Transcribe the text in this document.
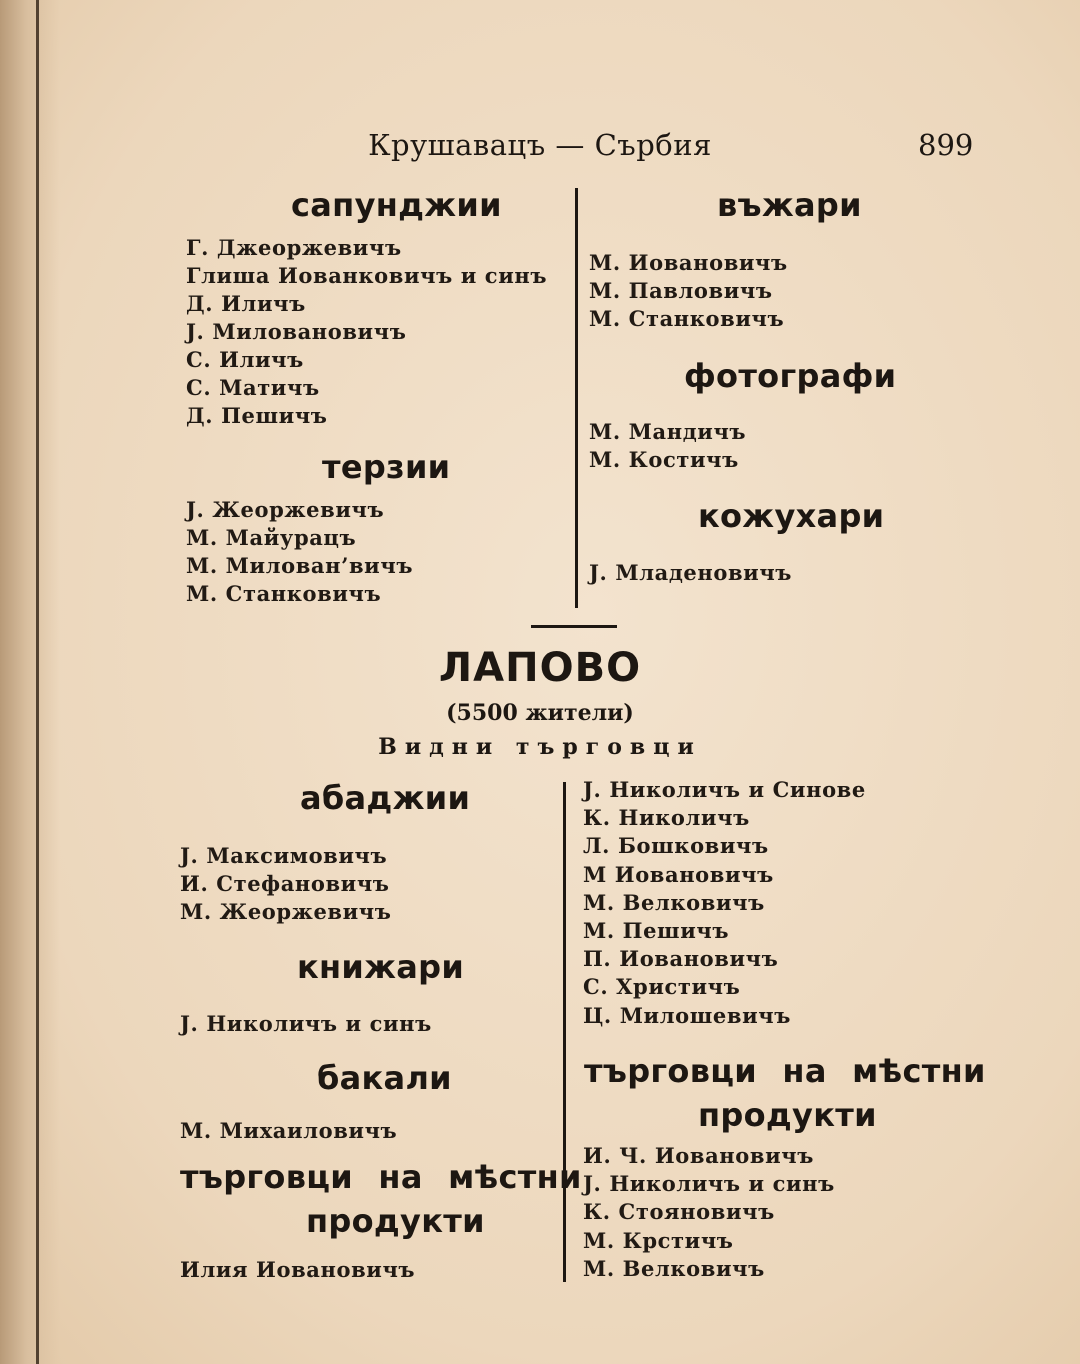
Крушавацъ — Сърбия	899
сапунджии
Г. Джеоржевичъ
Глиша Иованковичъ и синъ
Д. Иличъ
Ј. Миловановичъ
С. Иличъ
С. Матичъ
Д. Пешичъ
терзии
Ј. Жеоржевичъ
М. Майурацъ
М. Милован’вичъ
М. Станковичъ
въжари
М. Иовановичъ
М. Павловичъ
М. Станковичъ
фотографи
М. Мандичъ
М. Костичъ
кожухари
Ј. Младеновичъ
ЛАПОВО
(5500 жители)
Видни търговци
абаджии
Ј. Максимовичъ
И. Стефановичъ
М. Жеоржевичъ
книжари
Ј. Николичъ и синъ
бакали
М. Михаиловичъ
търговци на мѣстни
продукти
Илия Иовановичъ
Ј. Николичъ и Синове
К. Николичъ
Л. Бошковичъ
М Иовановичъ
М. Велковичъ
М. Пешичъ
П. Иовановичъ
С. Христичъ
Ц. Милошевичъ
търговци на мѣстни
продукти
И. Ч. Иовановичъ
Ј. Николичъ и синъ
К. Стояновичъ
М. Крстичъ
М. Велковичъ
